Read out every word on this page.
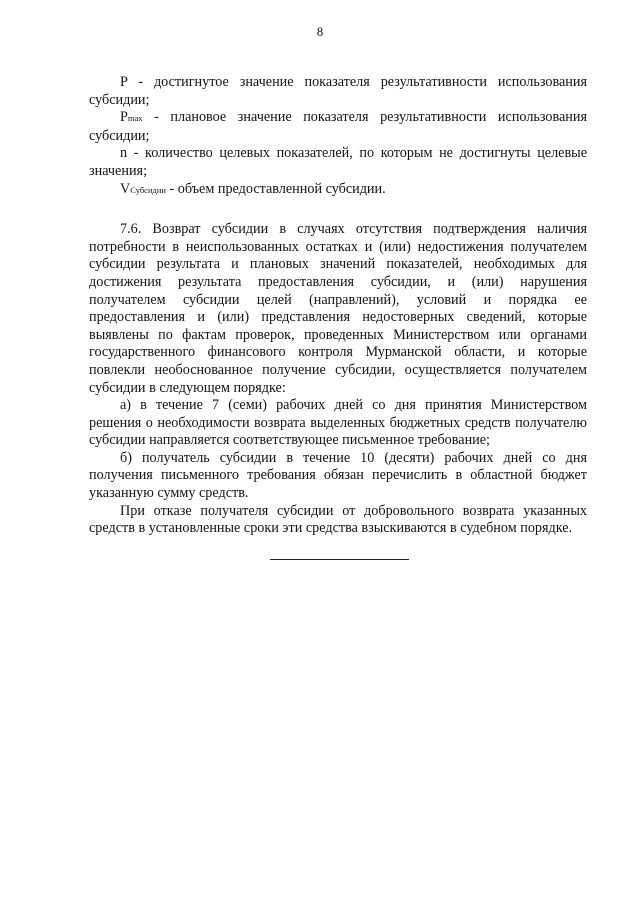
8

P - достигнутое значение показателя результативности использования субсидии;

Pmax - плановое значение показателя результативности использования субсидии;

n - количество целевых показателей, по которым не достигнуты целевые значения;

VСубсидии - объем предоставленной субсидии.

7.6. Возврат субсидии в случаях отсутствия подтверждения наличия потребности в неиспользованных остатках и (или) недостижения получателем субсидии результата и плановых значений показателей, необходимых для достижения результата предоставления субсидии, и (или) нарушения получателем субсидии целей (направлений), условий и порядка ее предоставления и (или) представления недостоверных сведений, которые выявлены по фактам проверок, проведенных Министерством или органами государственного финансового контроля Мурманской области, и которые повлекли необоснованное получение субсидии, осуществляется получателем субсидии в следующем порядке:

а) в течение 7 (семи) рабочих дней со дня принятия Министерством решения о необходимости возврата выделенных бюджетных средств получателю субсидии направляется соответствующее письменное требование;

б) получатель субсидии в течение 10 (десяти) рабочих дней со дня получения письменного требования обязан перечислить в областной бюджет указанную сумму средств.

При отказе получателя субсидии от добровольного возврата указанных средств в установленные сроки эти средства взыскиваются в судебном порядке.
